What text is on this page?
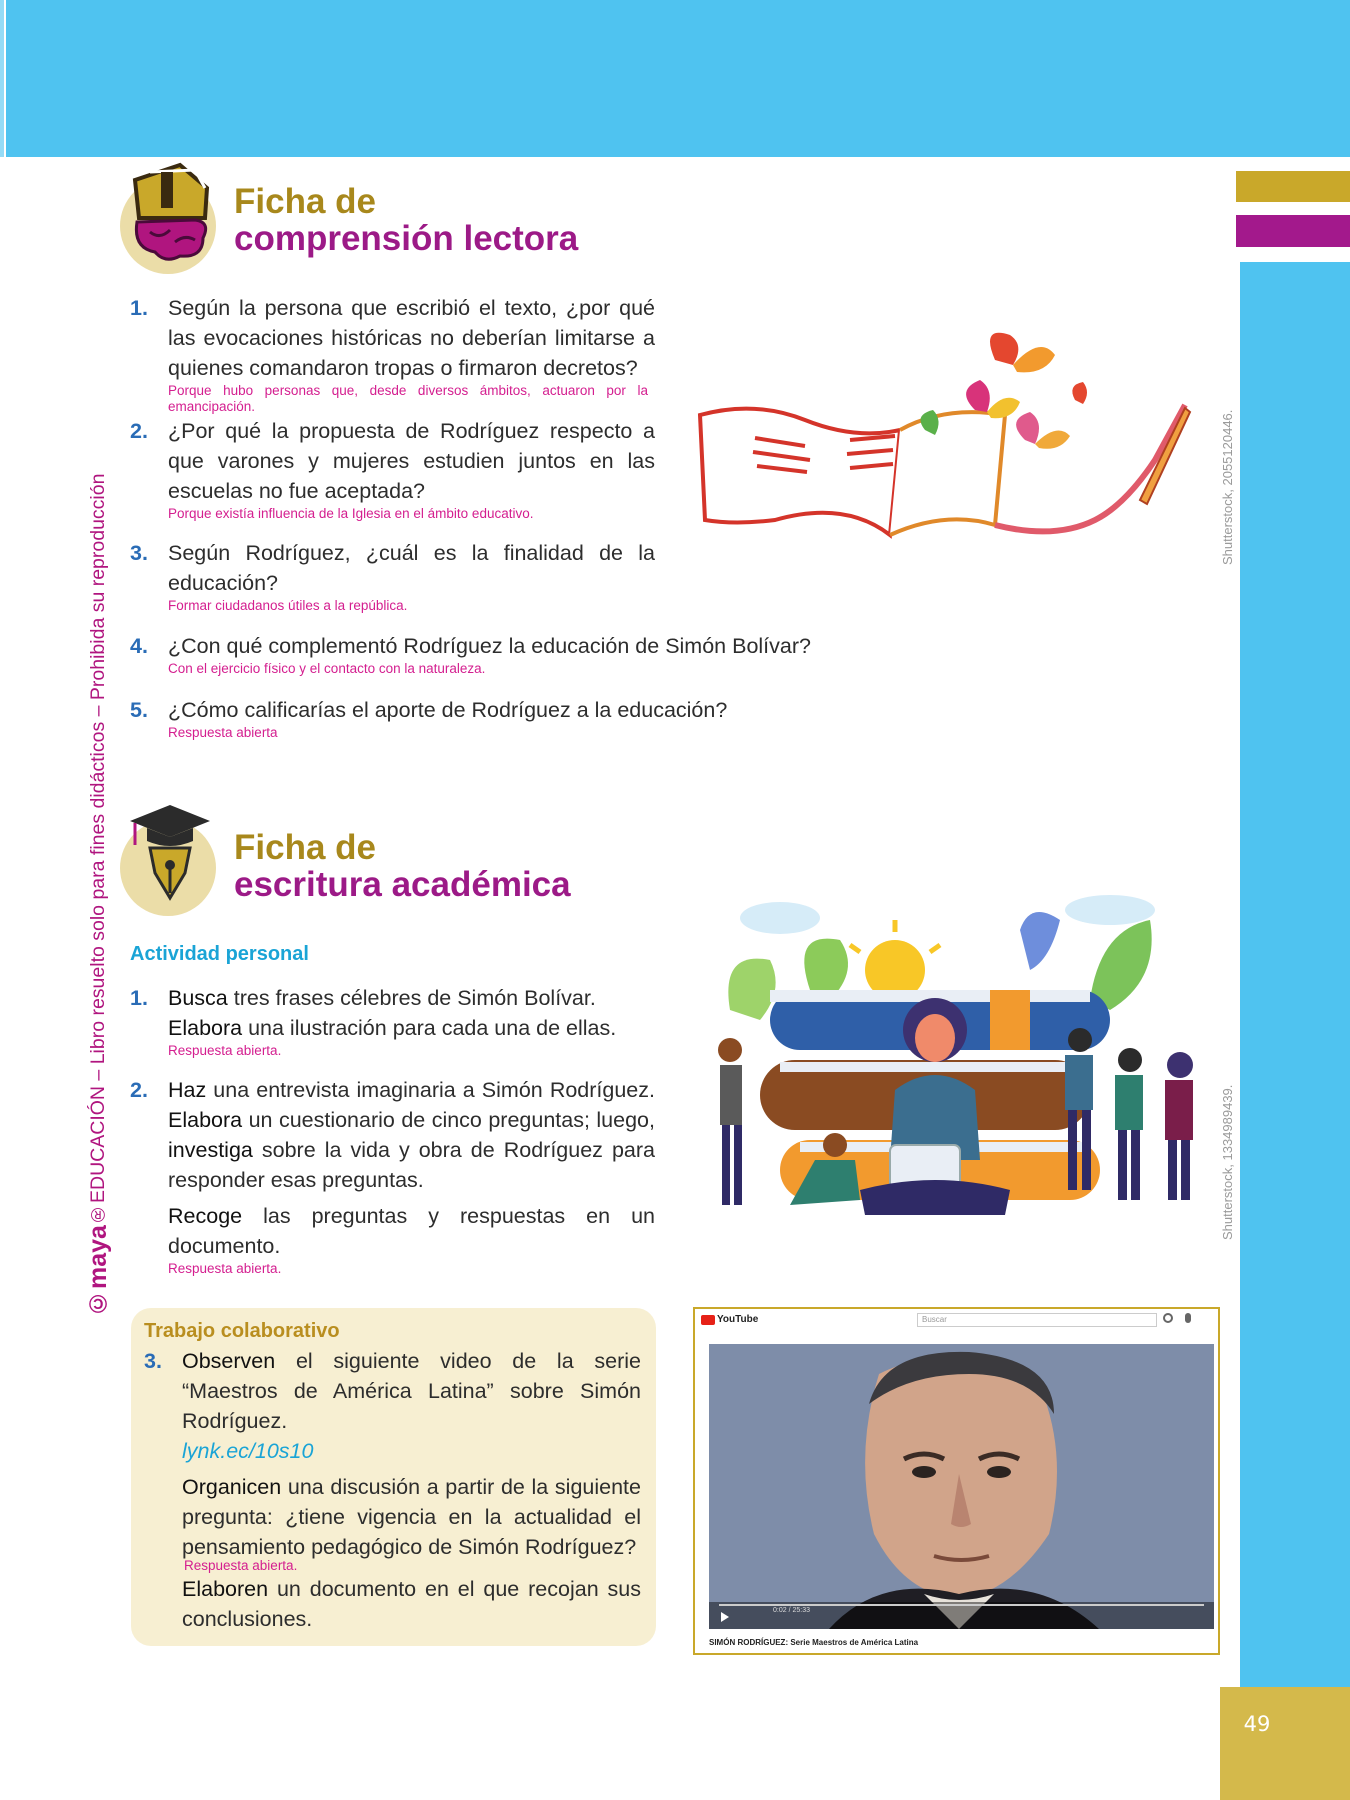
49
©maya
®EDUCACIÓN – Libro resuelto solo para fines didácticos – Prohibida su reproducción	Shutterstock, 2055120446.
Shutterstock, 1334989439.
Ficha de
comprensión lectora
1. Según la persona que escribió el texto, ¿por qué las evocaciones históricas no deberían limitarse a quienes comandaron tropas o firmaron decretos?
Porque hubo personas que, desde diversos ámbitos, actuaron por la emancipación.
2. ¿Por qué la propuesta de Rodríguez respecto a que varones y mujeres estudien juntos en las escuelas no fue aceptada?
Porque existía influencia de la Iglesia en el ámbito educativo.
3. Según Rodríguez, ¿cuál es la finalidad de la educación?
Formar ciudadanos útiles a la república.
4. ¿Con qué complementó Rodríguez la educación de Simón Bolívar?
Con el ejercicio físico y el contacto con la naturaleza.
5. ¿Cómo calificarías el aporte de Rodríguez a la educación?
Respuesta abierta
Ficha de
escritura académica
Actividad personal
1. Busca tres frases célebres de Simón Bolívar.
Elabora una ilustración para cada una de ellas.
Respuesta abierta.
2. Haz una entrevista imaginaria a Simón Rodríguez. Elabora un cuestionario de cinco preguntas; luego, investiga sobre la vida y obra de Rodríguez para responder esas preguntas.
Recoge las preguntas y respuestas en un documento.
Respuesta abierta.
Trabajo colaborativo
3. Observen el siguiente video de la serie “Maestros de América Latina” sobre Simón Rodríguez.
lynk.ec/10s10
Organicen una discusión a partir de la siguiente pregunta: ¿tiene vigencia en la actualidad el pensamiento pedagógico de Simón Rodríguez?
Respuesta abierta.
Elaboren un documento en el que recojan sus conclusiones.
YouTube	Buscar
0:02 / 25:33
SIMÓN RODRÍGUEZ: Serie Maestros de América Latina
